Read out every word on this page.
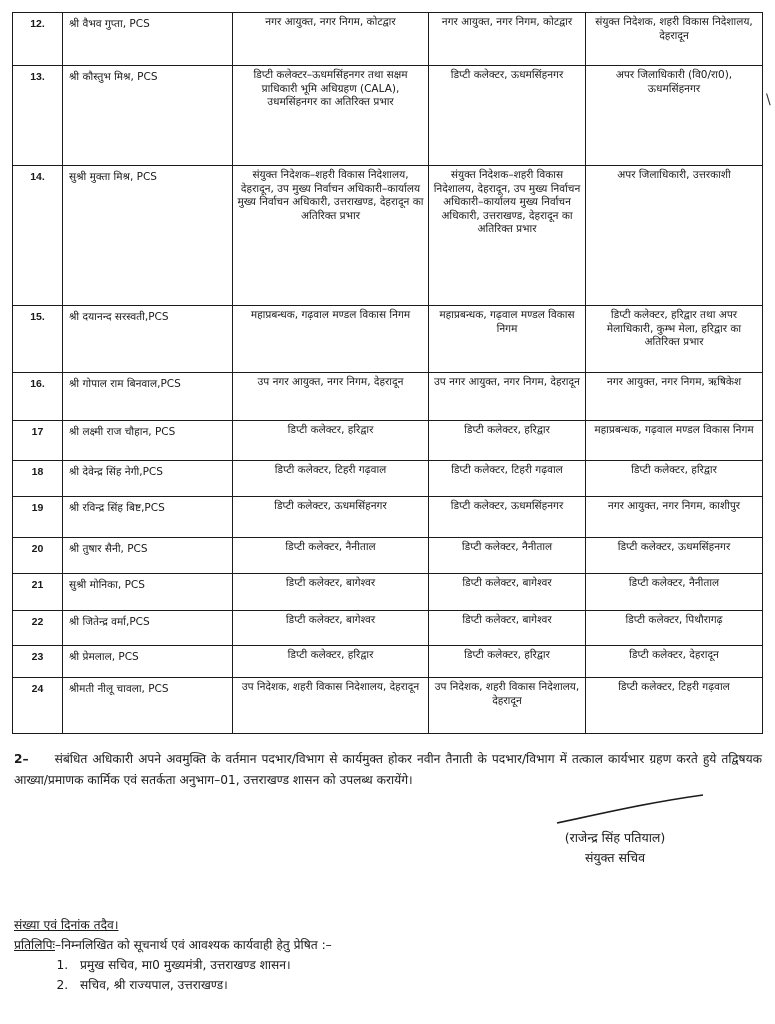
12.	श्री वैभव गुप्ता, PCS	नगर आयुक्त, नगर निगम, कोटद्वार	नगर आयुक्त, नगर निगम, कोटद्वार	संयुक्त निदेशक, शहरी विकास निदेशालय, देहरादून
13.	श्री कौस्तुभ मिश्र, PCS	डिप्टी कलेक्टर–ऊधमसिंहनगर तथा सक्षम प्राधिकारी भूमि अधिग्रहण (CALA), उधमसिंहनगर का अतिरिक्त प्रभार	डिप्टी कलेक्टर, ऊधमसिंहनगर	अपर जिलाधिकारी (वि0/रा0), ऊधमसिंहनगर
14.	सुश्री मुक्ता मिश्र, PCS	संयुक्त निदेशक–शहरी विकास निदेशालय, देहरादून, उप मुख्य निर्वाचन अधिकारी–कार्यालय मुख्य निर्वाचन अधिकारी, उत्तराखण्ड, देहरादून का अतिरिक्त प्रभार	संयुक्त निदेशक–शहरी विकास निदेशालय, देहरादून, उप मुख्य निर्वाचन अधिकारी–कार्यालय मुख्य निर्वाचन अधिकारी, उत्तराखण्ड, देहरादून का अतिरिक्त प्रभार	अपर जिलाधिकारी, उत्तरकाशी
15.	श्री दयानन्द सरस्वती,PCS	महाप्रबन्धक, गढ़वाल मण्डल विकास निगम	महाप्रबन्धक, गढ़वाल मण्डल विकास निगम	डिप्टी कलेक्टर, हरिद्वार तथा अपर मेलाधिकारी, कुम्भ मेला, हरिद्वार का अतिरिक्त प्रभार
16.	श्री गोपाल राम बिनवाल,PCS	उप नगर आयुक्त, नगर निगम, देहरादून	उप नगर आयुक्त, नगर निगम, देहरादून	नगर आयुक्त, नगर निगम, ऋषिकेश
17	श्री लक्ष्मी राज चौहान, PCS	डिप्टी कलेक्टर, हरिद्वार	डिप्टी कलेक्टर, हरिद्वार	महाप्रबन्धक, गढ़वाल मण्डल विकास निगम
18	श्री देवेन्द्र सिंह नेगी,PCS	डिप्टी कलेक्टर, टिहरी गढ़वाल	डिप्टी कलेक्टर, टिहरी गढ़वाल	डिप्टी कलेक्टर, हरिद्वार
19	श्री रविन्द्र सिंह बिष्ट,PCS	डिप्टी कलेक्टर, ऊधमसिंहनगर	डिप्टी कलेक्टर, ऊधमसिंहनगर	नगर आयुक्त, नगर निगम, काशीपुर
20	श्री तुषार सैनी, PCS	डिप्टी कलेक्टर, नैनीताल	डिप्टी कलेक्टर, नैनीताल	डिप्टी कलेक्टर, ऊधमसिंहनगर
21	सुश्री मोनिका, PCS	डिप्टी कलेक्टर, बागेश्वर	डिप्टी कलेक्टर, बागेश्वर	डिप्टी कलेक्टर, नैनीताल
22	श्री जितेन्द्र वर्मा,PCS	डिप्टी कलेक्टर, बागेश्वर	डिप्टी कलेक्टर, बागेश्वर	डिप्टी कलेक्टर, पिथौरागढ़
23	श्री प्रेमलाल, PCS	डिप्टी कलेक्टर, हरिद्वार	डिप्टी कलेक्टर, हरिद्वार	डिप्टी कलेक्टर, देहरादून
24	श्रीमती नीलू चावला, PCS	उप निदेशक, शहरी विकास निदेशालय, देहरादून	उप निदेशक, शहरी विकास निदेशालय, देहरादून	डिप्टी कलेक्टर, टिहरी गढ़वाल
\
2– संबंधित अधिकारी अपने अवमुक्ति के वर्तमान पदभार/विभाग से कार्यमुक्त होकर नवीन तैनाती के पदभार/विभाग में तत्काल कार्यभार ग्रहण करते हुये तद्विषयक आख्या/प्रमाणक कार्मिक एवं सतर्कता अनुभाग–01, उत्तराखण्ड शासन को उपलब्ध करायेंगे।
(राजेन्द्र सिंह पतियाल)
संयुक्त सचिव
संख्या एवं दिनांक तदैव।
प्रतिलिपिः–निम्नलिखित को सूचनार्थ एवं आवश्यक कार्यवाही हेतु प्रेषित :–
1. प्रमुख सचिव, मा0 मुख्यमंत्री, उत्तराखण्ड शासन।
2. सचिव, श्री राज्यपाल, उत्तराखण्ड।
